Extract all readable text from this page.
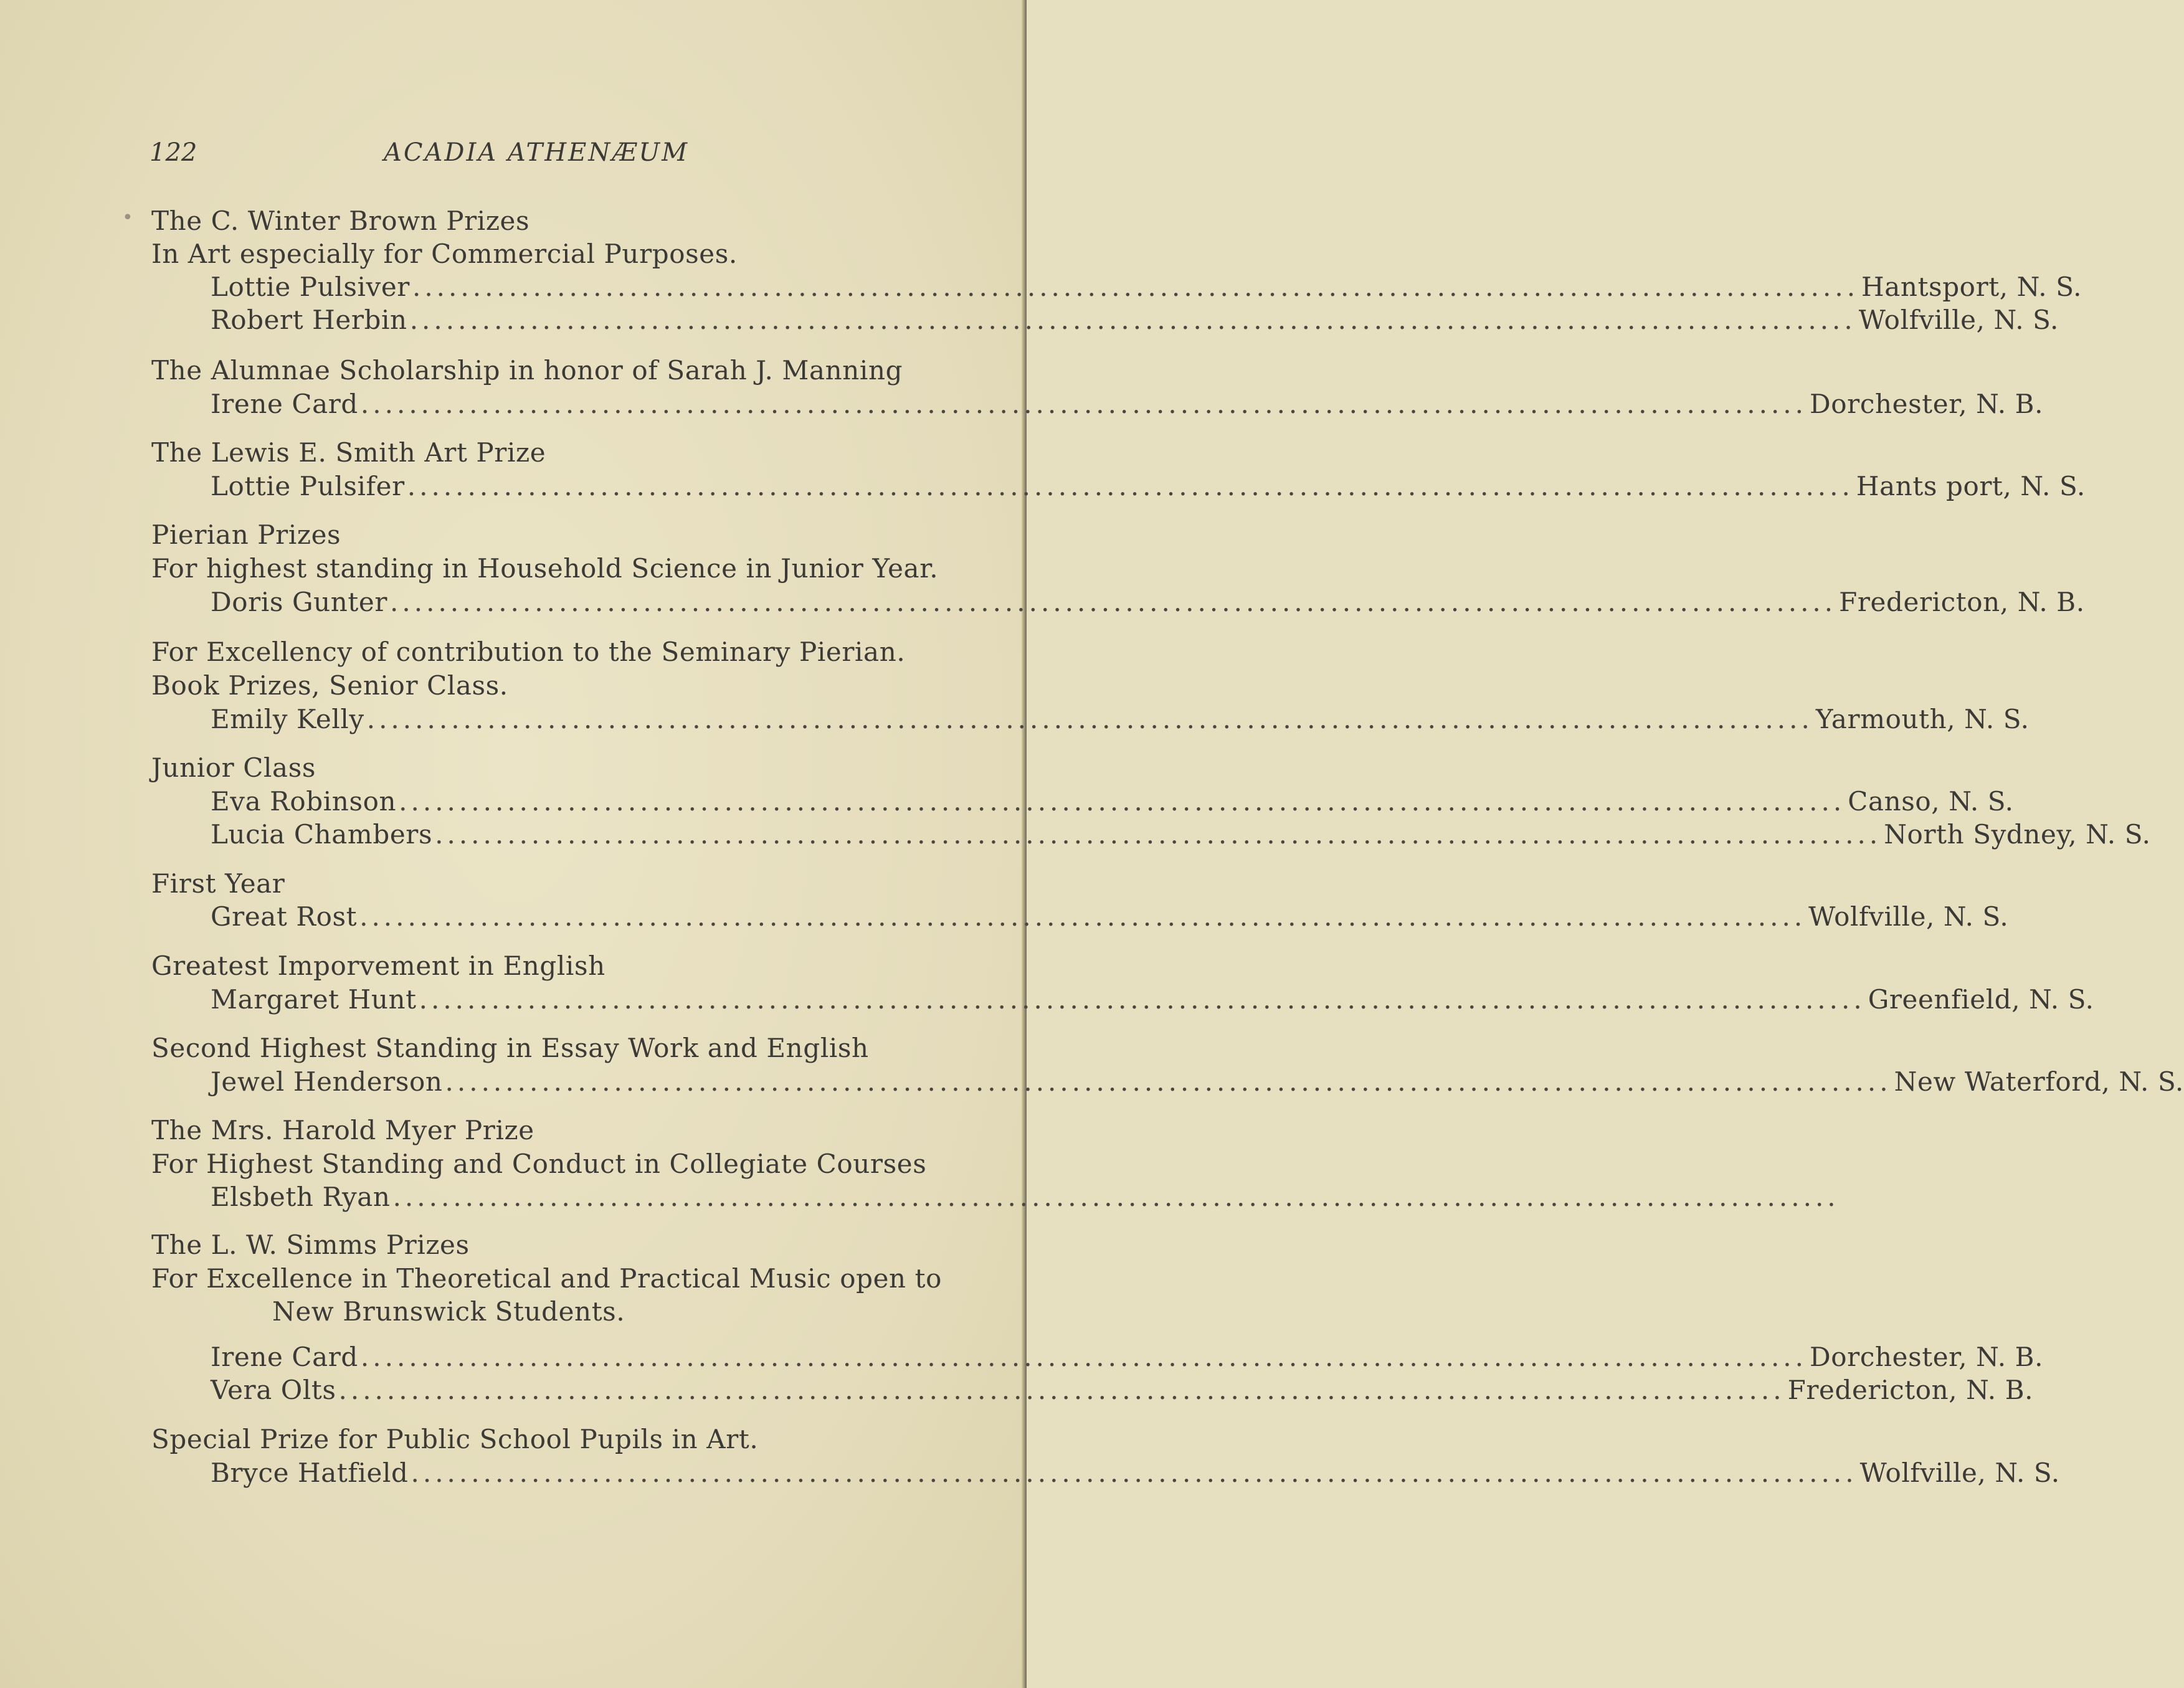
122	ACADIA ATHENÆUM
• The C. Winter Brown Prizes
In Art especially for Commercial Purposes.
Lottie Pulsiver ........................................................................................................................ Hantsport, N. S.
Robert Herbin ........................................................................................................................ Wolfville, N. S.
The Alumnae Scholarship in honor of Sarah J. Manning
Irene Card ........................................................................................................................ Dorchester, N. B.
The Lewis E. Smith Art Prize
Lottie Pulsifer ........................................................................................................................ Hants port, N. S.
Pierian Prizes
For highest standing in Household Science in Junior Year.
Doris Gunter ........................................................................................................................ Fredericton, N. B.
For Excellency of contribution to the Seminary Pierian.
Book Prizes, Senior Class.
Emily Kelly ........................................................................................................................ Yarmouth, N. S.
Junior Class
Eva Robinson ........................................................................................................................ Canso, N. S.
Lucia Chambers ........................................................................................................................ North Sydney, N. S.
First Year
Great Rost ........................................................................................................................ Wolfville, N. S.
Greatest Imporvement in English
Margaret Hunt ........................................................................................................................ Greenfield, N. S.
Second Highest Standing in Essay Work and English
Jewel Henderson ........................................................................................................................ New Waterford, N. S.
The Mrs. Harold Myer Prize
For Highest Standing and Conduct in Collegiate Courses
Elsbeth Ryan ........................................................................................................................
The L. W. Simms Prizes
For Excellence in Theoretical and Practical Music open to
New Brunswick Students.
Irene Card ........................................................................................................................ Dorchester, N. B.
Vera Olts ........................................................................................................................ Fredericton, N. B.
Special Prize for Public School Pupils in Art.
Bryce Hatfield ........................................................................................................................ Wolfville, N. S.
